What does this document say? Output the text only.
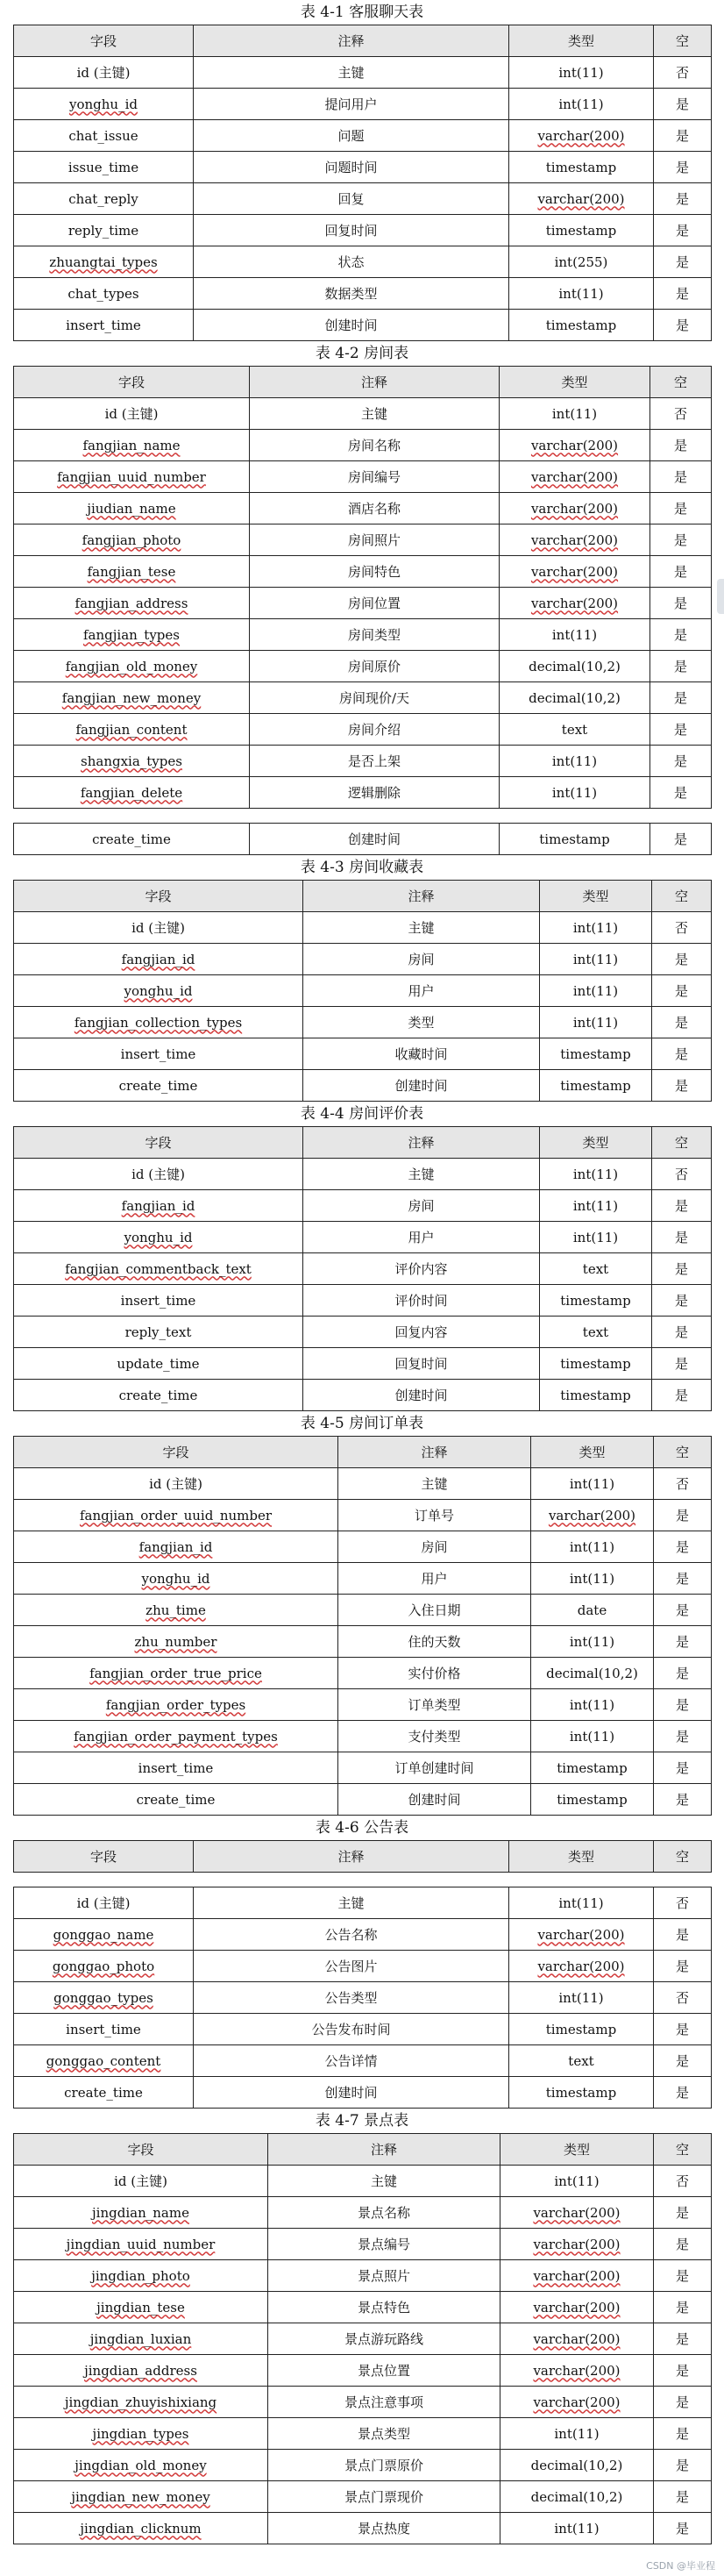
表 4-1 客服聊天表
字段	注释	类型	空
id (主键)	主键	int(11)	否
yonghu_id	提问用户	int(11)	是
chat_issue	问题	varchar(200)	是
issue_time	问题时间	timestamp	是
chat_reply	回复	varchar(200)	是
reply_time	回复时间	timestamp	是
zhuangtai_types	状态	int(255)	是
chat_types	数据类型	int(11)	是
insert_time	创建时间	timestamp	是
表 4-2 房间表
字段	注释	类型	空
id (主键)	主键	int(11)	否
fangjian_name	房间名称	varchar(200)	是
fangjian_uuid_number	房间编号	varchar(200)	是
jiudian_name	酒店名称	varchar(200)	是
fangjian_photo	房间照片	varchar(200)	是
fangjian_tese	房间特色	varchar(200)	是
fangjian_address	房间位置	varchar(200)	是
fangjian_types	房间类型	int(11)	是
fangjian_old_money	房间原价	decimal(10,2)	是
fangjian_new_money	房间现价/天	decimal(10,2)	是
fangjian_content	房间介绍	text	是
shangxia_types	是否上架	int(11)	是
fangjian_delete	逻辑删除	int(11)	是
create_time	创建时间	timestamp	是
表 4-3 房间收藏表
字段	注释	类型	空
id (主键)	主键	int(11)	否
fangjian_id	房间	int(11)	是
yonghu_id	用户	int(11)	是
fangjian_collection_types	类型	int(11)	是
insert_time	收藏时间	timestamp	是
create_time	创建时间	timestamp	是
表 4-4 房间评价表
字段	注释	类型	空
id (主键)	主键	int(11)	否
fangjian_id	房间	int(11)	是
yonghu_id	用户	int(11)	是
fangjian_commentback_text	评价内容	text	是
insert_time	评价时间	timestamp	是
reply_text	回复内容	text	是
update_time	回复时间	timestamp	是
create_time	创建时间	timestamp	是
表 4-5 房间订单表
字段	注释	类型	空
id (主键)	主键	int(11)	否
fangjian_order_uuid_number	订单号	varchar(200)	是
fangjian_id	房间	int(11)	是
yonghu_id	用户	int(11)	是
zhu_time	入住日期	date	是
zhu_number	住的天数	int(11)	是
fangjian_order_true_price	实付价格	decimal(10,2)	是
fangjian_order_types	订单类型	int(11)	是
fangjian_order_payment_types	支付类型	int(11)	是
insert_time	订单创建时间	timestamp	是
create_time	创建时间	timestamp	是
表 4-6 公告表
字段	注释	类型	空
id (主键)	主键	int(11)	否
gonggao_name	公告名称	varchar(200)	是
gonggao_photo	公告图片	varchar(200)	是
gonggao_types	公告类型	int(11)	否
insert_time	公告发布时间	timestamp	是
gonggao_content	公告详情	text	是
create_time	创建时间	timestamp	是
表 4-7 景点表
字段	注释	类型	空
id (主键)	主键	int(11)	否
jingdian_name	景点名称	varchar(200)	是
jingdian_uuid_number	景点编号	varchar(200)	是
jingdian_photo	景点照片	varchar(200)	是
jingdian_tese	景点特色	varchar(200)	是
jingdian_luxian	景点游玩路线	varchar(200)	是
jingdian_address	景点位置	varchar(200)	是
jingdian_zhuyishixiang	景点注意事项	varchar(200)	是
jingdian_types	景点类型	int(11)	是
jingdian_old_money	景点门票原价	decimal(10,2)	是
jingdian_new_money	景点门票现价	decimal(10,2)	是
jingdian_clicknum	景点热度	int(11)	是
CSDN @毕业程
